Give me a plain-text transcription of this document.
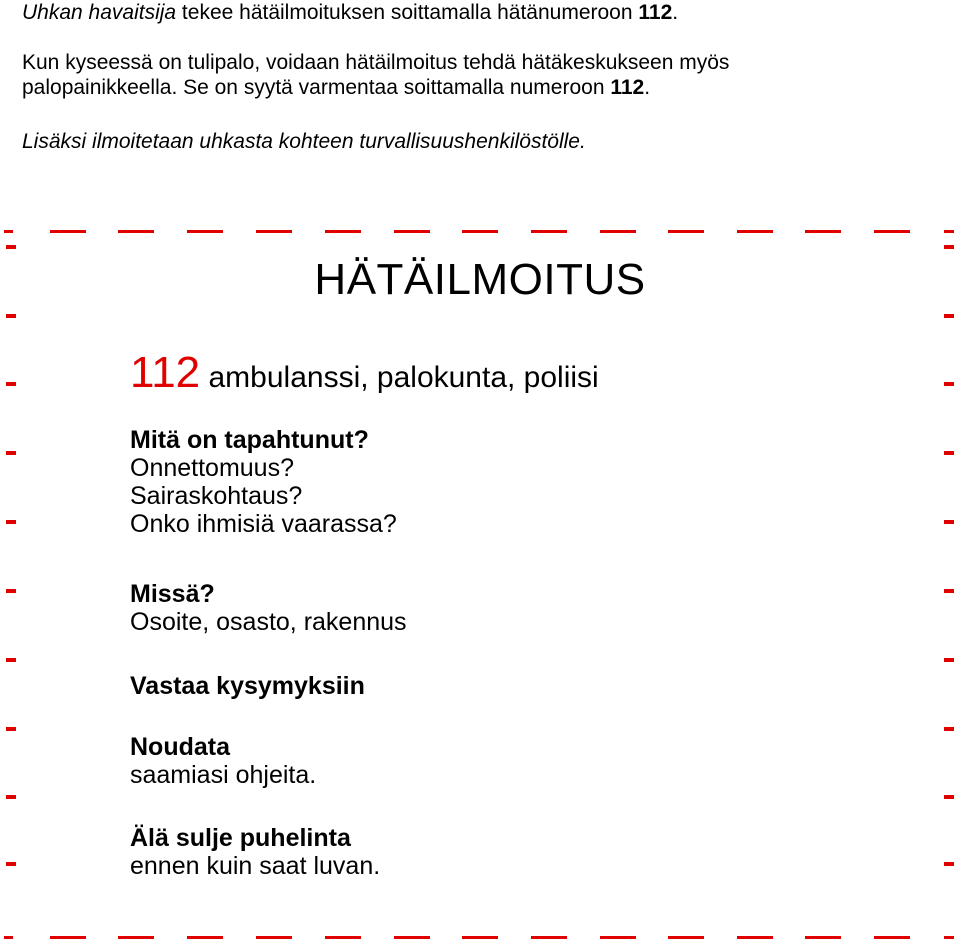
Uhkan havaitsija tekee hätäilmoituksen soittamalla hätänumeroon 112.

Kun kyseessä on tulipalo, voidaan hätäilmoitus tehdä hätäkeskukseen myös
palopainikkeella. Se on syytä varmentaa soittamalla numeroon 112.

Lisäksi ilmoitetaan uhkasta kohteen turvallisuushenkilöstölle.

HÄTÄILMOITUS
112 ambulanssi, palokunta, poliisi
Mitä on tapahtunut?
Onnettomuus?
Sairaskohtaus?
Onko ihmisiä vaarassa?
Missä?
Osoite, osasto, rakennus
Vastaa kysymyksiin
Noudata
saamiasi ohjeita.
Älä sulje puhelinta
ennen kuin saat luvan.
